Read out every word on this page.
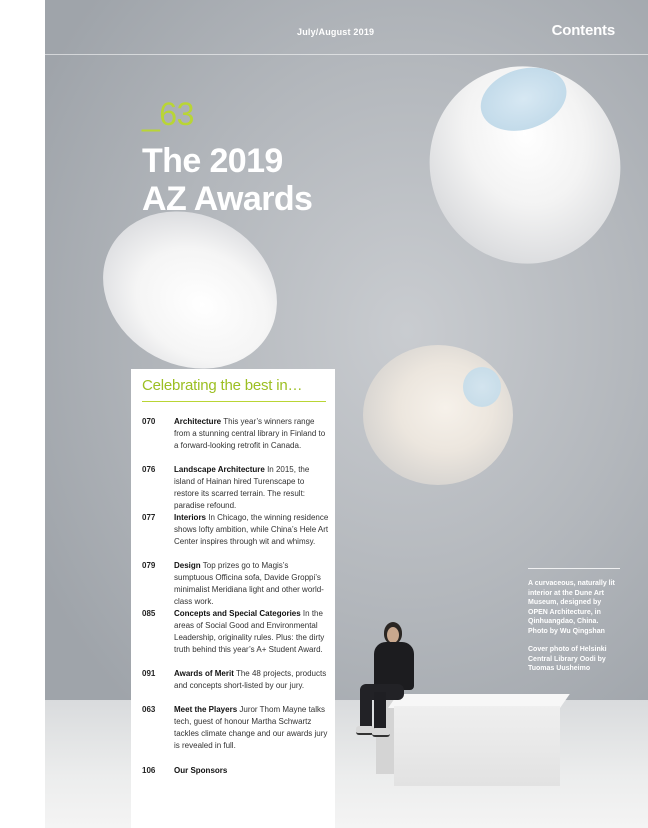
July/August 2019	Contents
_63
The 2019
AZ Awards

A curvaceous, naturally lit interior at the Dune Art Museum, designed by OPEN Architecture, in Qinhuangdao, China. Photo by Wu Qingshan

Cover photo of Helsinki Central Library Oodi by Tuomas Uusheimo

Celebrating the best in…
070 Architecture This year’s winners range from a stunning central library in Finland to a forward-looking retrofit in Canada.
076 Landscape Architecture In 2015, the island of Hainan hired Turenscape to restore its scarred terrain. The result: paradise refound.
077 Interiors In Chicago, the winning residence shows lofty ambition, while China’s Hele Art Center inspires through wit and whimsy.
079 Design Top prizes go to Magis’s sumptuous Officina sofa, Davide Groppi’s minimalist Meridiana light and other world-class work.
085 Concepts and Special Categories In the areas of Social Good and Environmental Leadership, originality rules. Plus: the dirty truth behind this year’s A+ Student Award.
091 Awards of Merit The 48 projects, products and concepts short-listed by our jury.
063 Meet the Players Juror Thom Mayne talks tech, guest of honour Martha Schwartz tackles climate change and our awards jury is revealed in full.
106 Our Sponsors
